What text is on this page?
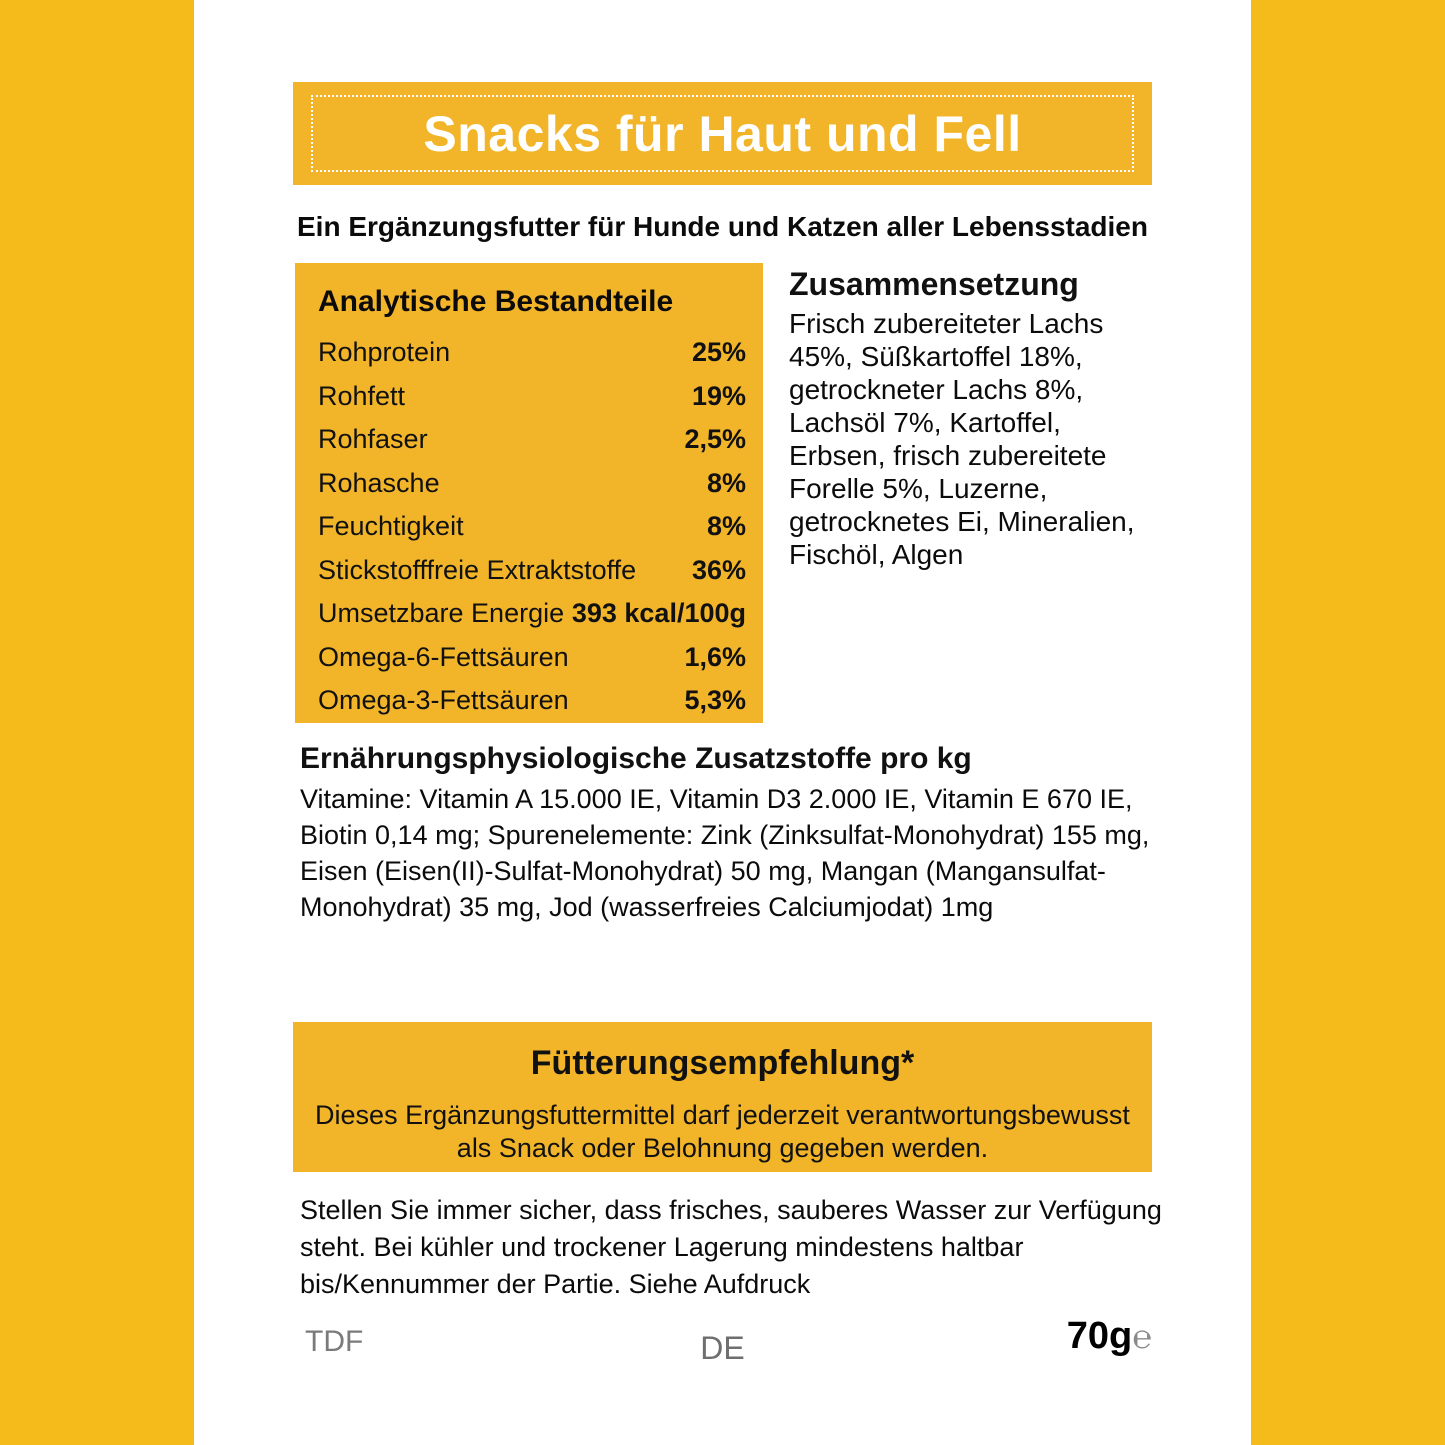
Snacks für Haut und Fell
Ein Ergänzungsfutter für Hunde und Katzen aller Lebensstadien
Analytische Bestandteile
Rohprotein	25%
Rohfett	19%
Rohfaser	2,5%
Rohasche	8%
Feuchtigkeit	8%
Stickstofffreie Extraktstoffe 36%
Umsetzbare Energie 393 kcal/100g
Omega-6-Fettsäuren	1,6%
Omega-3-Fettsäuren	5,3%
Zusammensetzung

Frisch zubereiteter Lachs 45%, Süßkartoffel 18%, getrockneter Lachs 8%, Lachsöl 7%, Kartoffel, Erbsen, frisch zubereitete Forelle 5%, Luzerne, getrocknetes Ei, Mineralien, Fischöl, Algen

Ernährungsphysiologische Zusatzstoffe pro kg

Vitamine: Vitamin A 15.000 IE, Vitamin D3 2.000 IE, Vitamin E 670 IE, Biotin 0,14 mg; Spurenelemente: Zink (Zinksulfat-Monohydrat) 155 mg, Eisen (Eisen(II)-Sulfat-Monohydrat) 50 mg, Mangan (Mangansulfat-Monohydrat) 35 mg, Jod (wasserfreies Calciumjodat) 1mg

Fütterungsempfehlung*

Dieses Ergänzungsfuttermittel darf jederzeit verantwortungsbewusst als Snack oder Belohnung gegeben werden.

Stellen Sie immer sicher, dass frisches, sauberes Wasser zur Verfügung steht. Bei kühler und trockener Lagerung mindestens haltbar bis/Kennummer der Partie. Siehe Aufdruck
TDF	DE	70g℮
